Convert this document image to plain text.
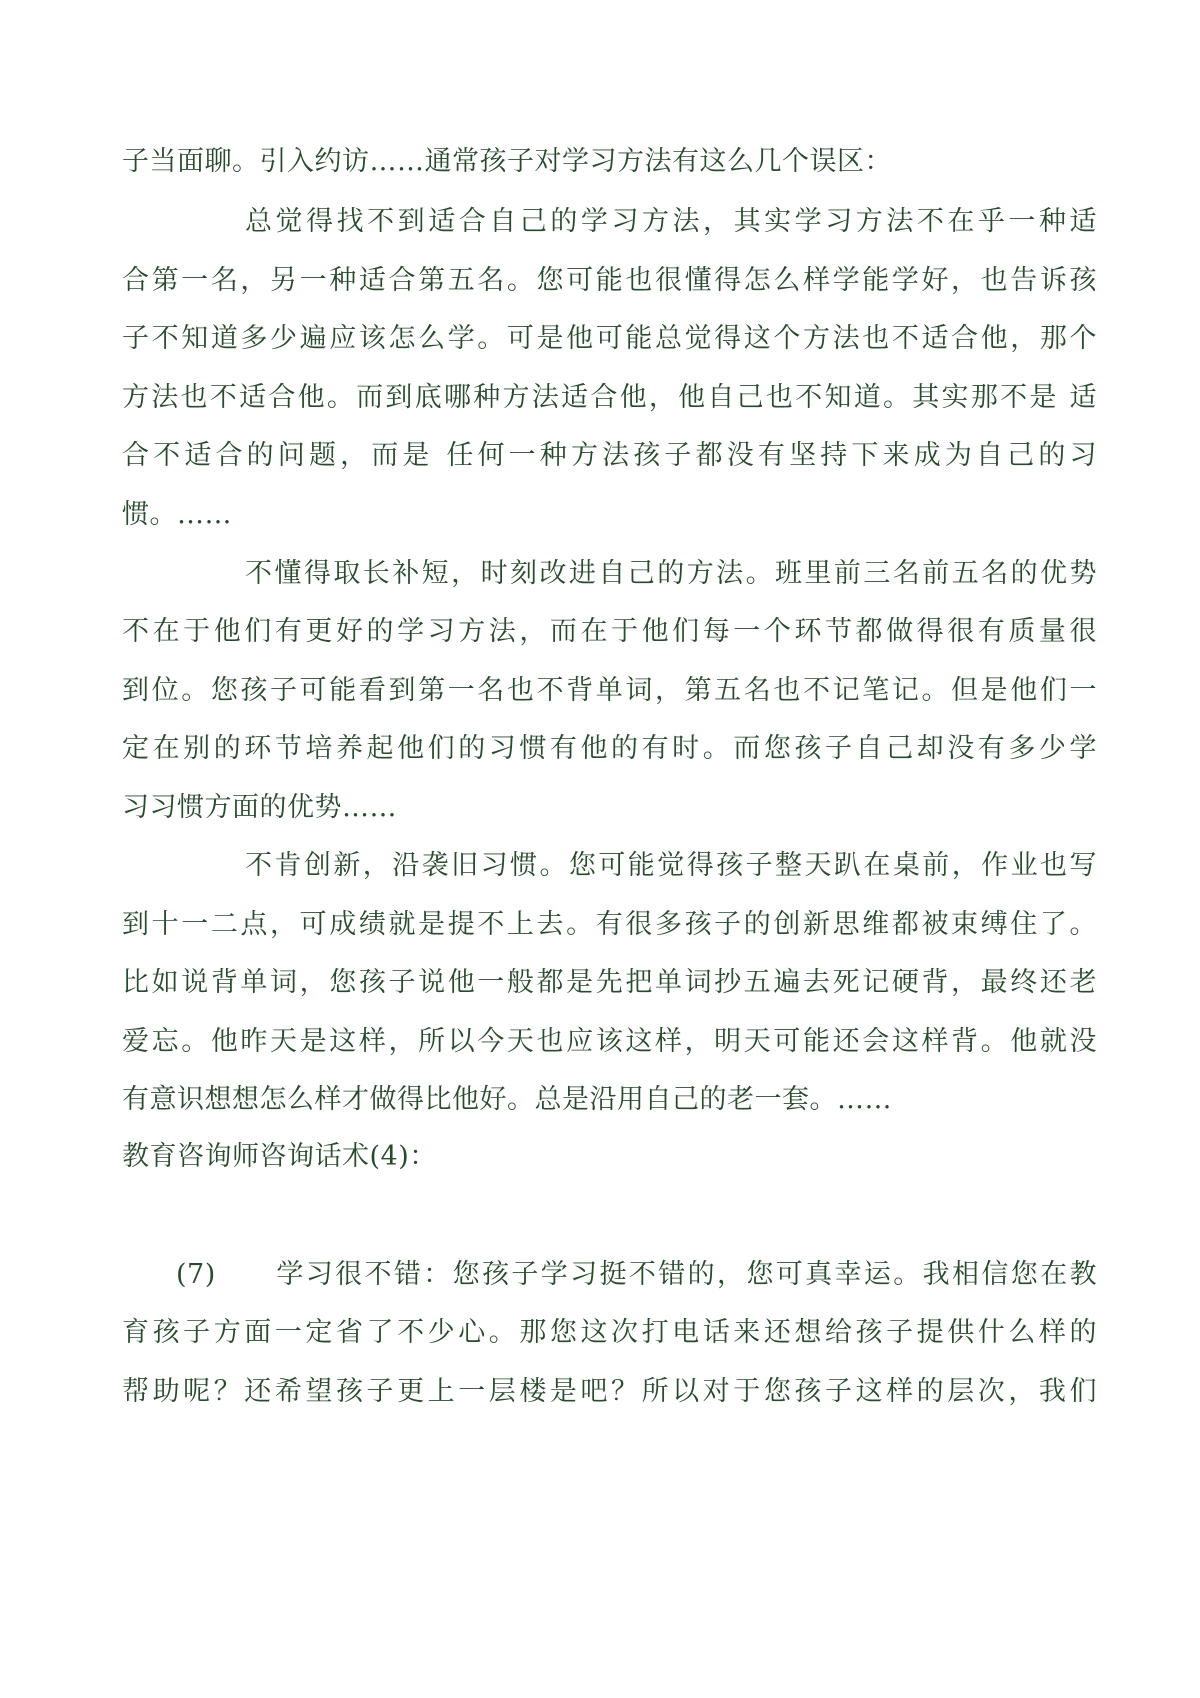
子当面聊。引入约访……通常孩子对学习方法有这么几个误区：
总觉得找不到适合自己的学习方法，其实学习方法不在乎一种适
合第一名，另一种适合第五名。您可能也很懂得怎么样学能学好，也告诉孩
子不知道多少遍应该怎么学。可是他可能总觉得这个方法也不适合他，那个
方法也不适合他。而到底哪种方法适合他，他自己也不知道。其实那不是 适
合不适合的问题，而是 任何一种方法孩子都没有坚持下来成为自己的习
惯。……
不懂得取长补短，时刻改进自己的方法。班里前三名前五名的优势
不在于他们有更好的学习方法，而在于他们每一个环节都做得很有质量很
到位。您孩子可能看到第一名也不背单词，第五名也不记笔记。但是他们一
定在别的环节培养起他们的习惯有他的有时。而您孩子自己却没有多少学
习习惯方面的优势……
不肯创新，沿袭旧习惯。您可能觉得孩子整天趴在桌前，作业也写
到十一二点，可成绩就是提不上去。有很多孩子的创新思维都被束缚住了。
比如说背单词，您孩子说他一般都是先把单词抄五遍去死记硬背，最终还老
爱忘。他昨天是这样，所以今天也应该这样，明天可能还会这样背。他就没
有意识想想怎么样才做得比他好。总是沿用自己的老一套。……
教育咨询师咨询话术(4)：
(7)　　学习很不错：您孩子学习挺不错的，您可真幸运。我相信您在教
育孩子方面一定省了不少心。那您这次打电话来还想给孩子提供什么样的
帮助呢？还希望孩子更上一层楼是吧？所以对于您孩子这样的层次，我们
